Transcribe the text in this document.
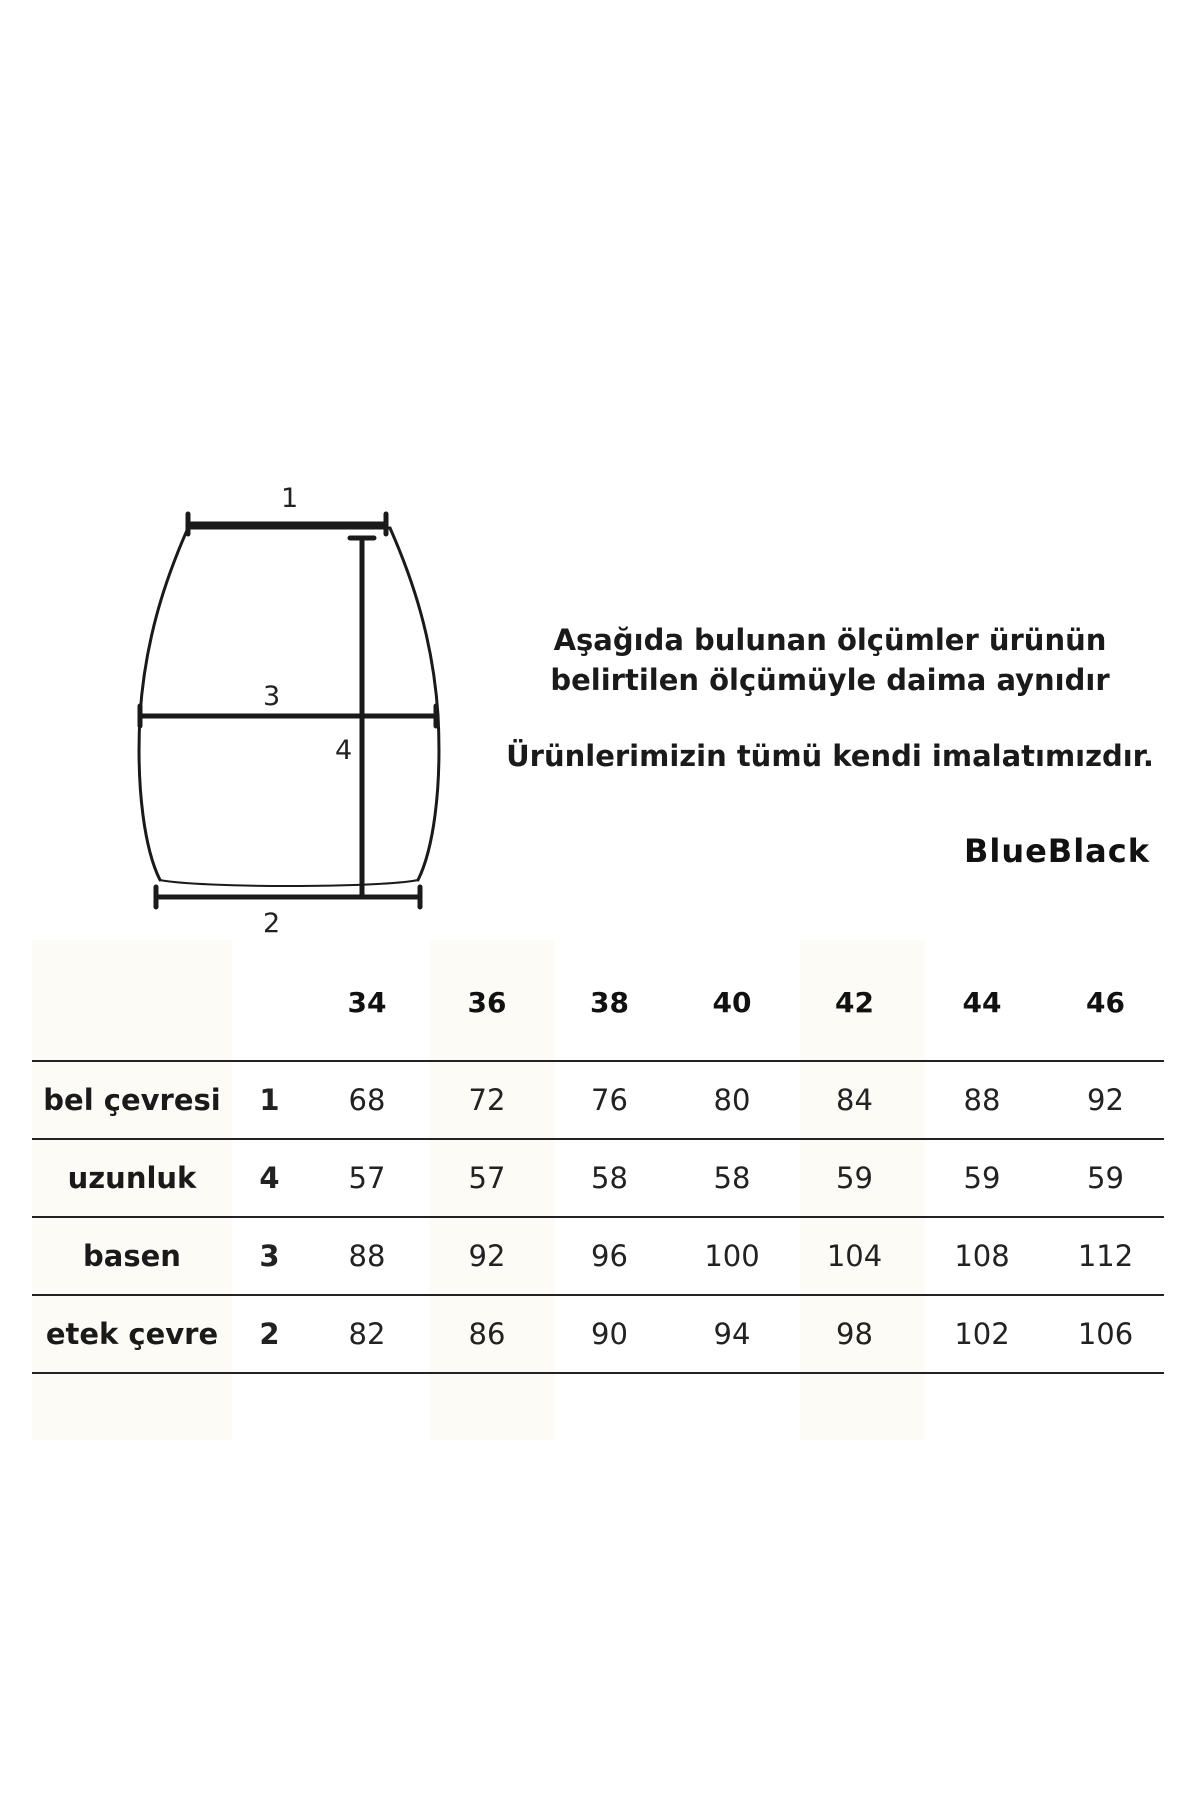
1
3
4
2
Aşağıda bulunan ölçümler ürünün
belirtilen ölçümüyle daima aynıdır
Ürünlerimizin tümü kendi imalatımızdır.
BlueBlack
		34	36	38	40	42	44	46
bel çevresi	1	68	72	76	80	84	88	92
uzunluk	4	57	57	58	58	59	59	59
basen	3	88	92	96	100	104	108	112
etek çevre	2	82	86	90	94	98	102	106
